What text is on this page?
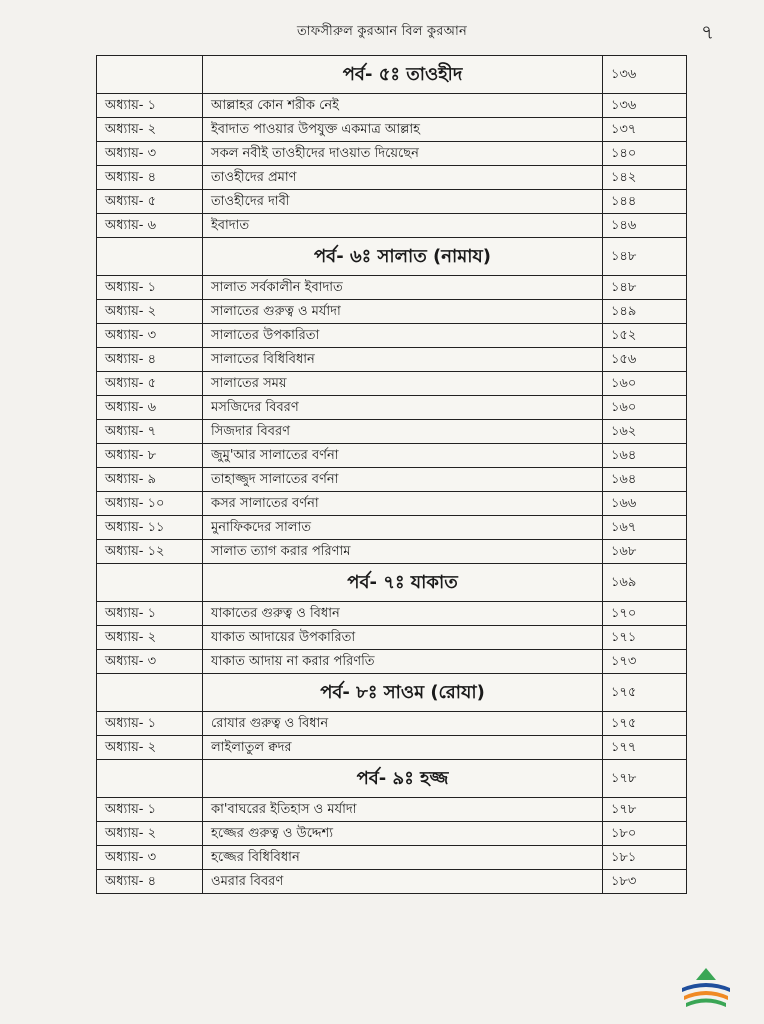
তাফসীরুল কুরআন বিল কুরআন	৭
	পর্ব- ৫ঃ তাওহীদ	১৩৬
অধ্যায়- ১	আল্লাহর কোন শরীক নেই	১৩৬
অধ্যায়- ২	ইবাদাত পাওয়ার উপযুক্ত একমাত্র আল্লাহ	১৩৭
অধ্যায়- ৩	সকল নবীই তাওহীদের দাওয়াত দিয়েছেন	১৪০
অধ্যায়- ৪	তাওহীদের প্রমাণ	১৪২
অধ্যায়- ৫	তাওহীদের দাবী	১৪৪
অধ্যায়- ৬	ইবাদাত	১৪৬
	পর্ব- ৬ঃ সালাত (নামায)	১৪৮
অধ্যায়- ১	সালাত সর্বকালীন ইবাদাত	১৪৮
অধ্যায়- ২	সালাতের গুরুত্ব ও মর্যাদা	১৪৯
অধ্যায়- ৩	সালাতের উপকারিতা	১৫২
অধ্যায়- ৪	সালাতের বিধিবিধান	১৫৬
অধ্যায়- ৫	সালাতের সময়	১৬০
অধ্যায়- ৬	মসজিদের বিবরণ	১৬০
অধ্যায়- ৭	সিজদার বিবরণ	১৬২
অধ্যায়- ৮	জুমু'আর সালাতের বর্ণনা	১৬৪
অধ্যায়- ৯	তাহাজ্জুদ সালাতের বর্ণনা	১৬৪
অধ্যায়- ১০	কসর সালাতের বর্ণনা	১৬৬
অধ্যায়- ১১	মুনাফিকদের সালাত	১৬৭
অধ্যায়- ১২	সালাত ত্যাগ করার পরিণাম	১৬৮
	পর্ব- ৭ঃ যাকাত	১৬৯
অধ্যায়- ১	যাকাতের গুরুত্ব ও বিধান	১৭০
অধ্যায়- ২	যাকাত আদায়ের উপকারিতা	১৭১
অধ্যায়- ৩	যাকাত আদায় না করার পরিণতি	১৭৩
	পর্ব- ৮ঃ সাওম (রোযা)	১৭৫
অধ্যায়- ১	রোযার গুরুত্ব ও বিধান	১৭৫
অধ্যায়- ২	লাইলাতুল ক্বদর	১৭৭
	পর্ব- ৯ঃ হজ্জ	১৭৮
অধ্যায়- ১	কা'বাঘরের ইতিহাস ও মর্যাদা	১৭৮
অধ্যায়- ২	হজ্জের গুরুত্ব ও উদ্দেশ্য	১৮০
অধ্যায়- ৩	হজ্জের বিধিবিধান	১৮১
অধ্যায়- ৪	ওমরার বিবরণ	১৮৩
